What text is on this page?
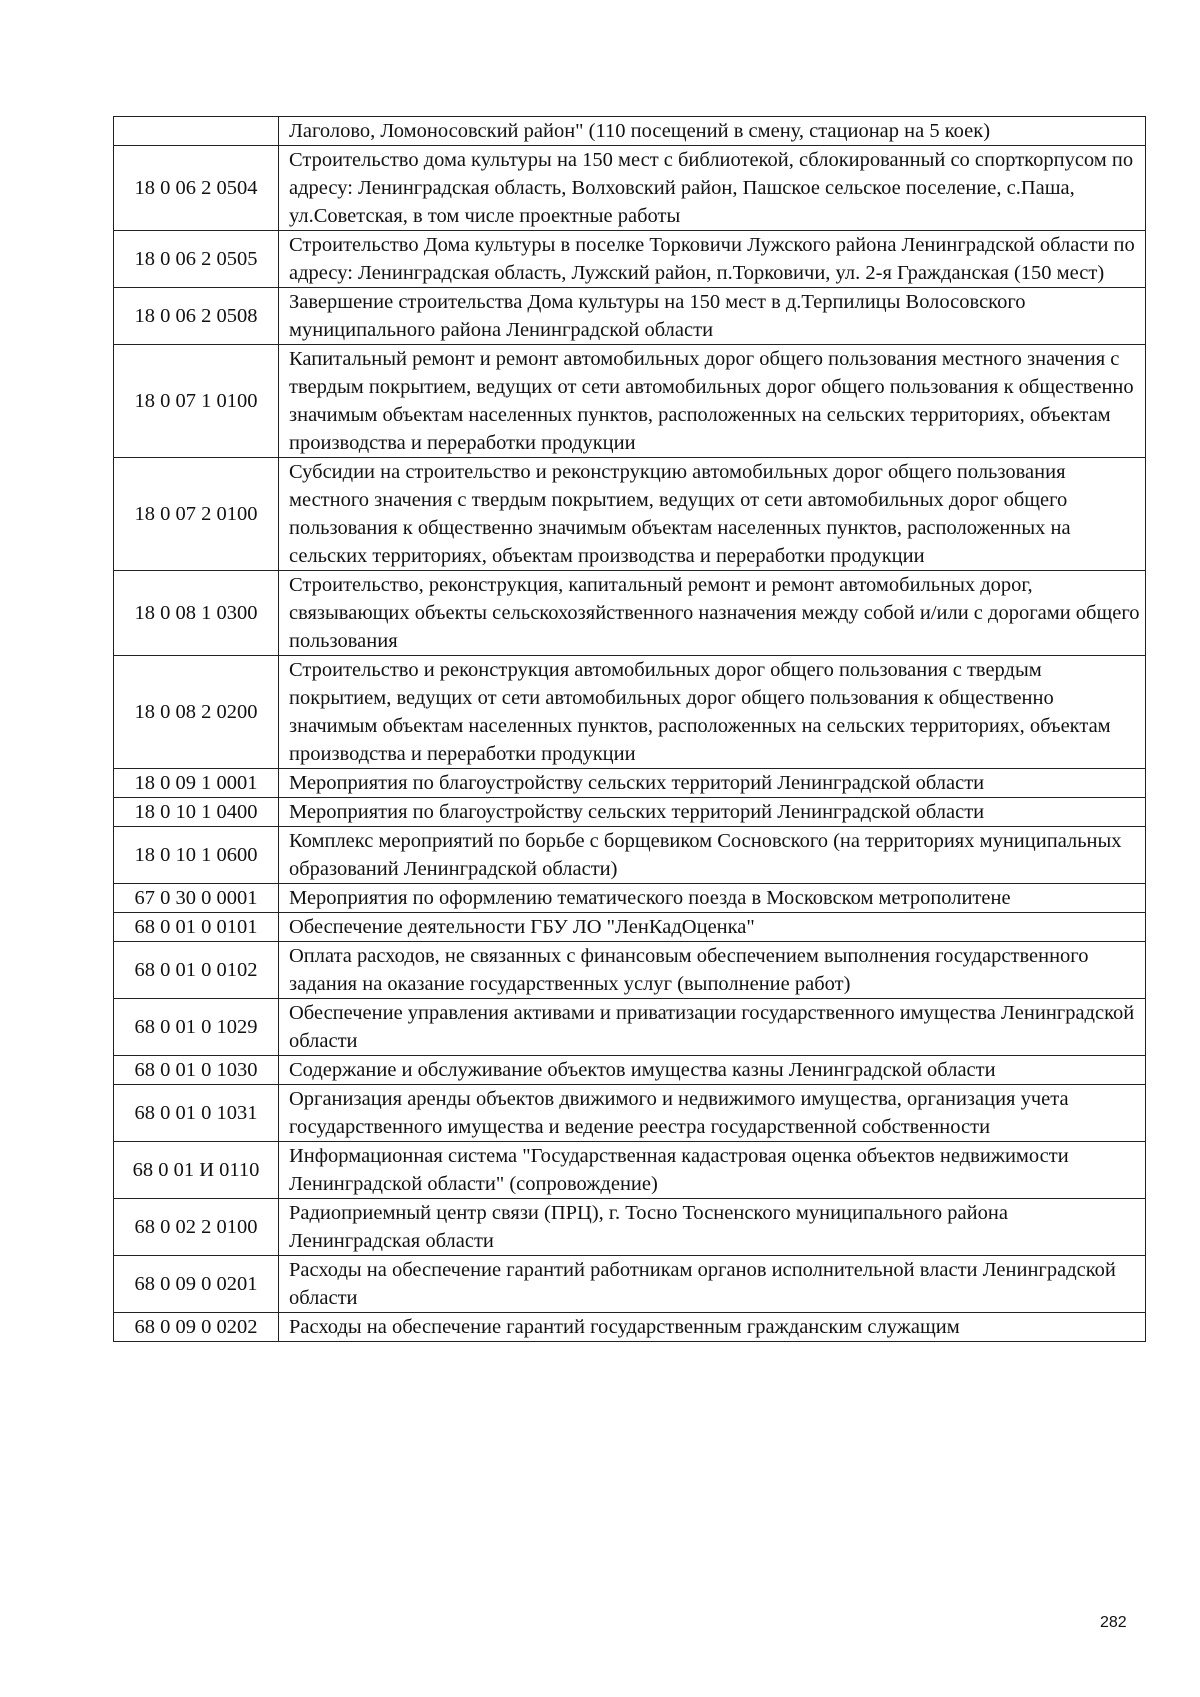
	Лаголово, Ломоносовский район" (110 посещений в смену, стационар на 5 коек)
18 0 06 2 0504	Строительство дома культуры на 150 мест с библиотекой, сблокированный со спорткорпусом по адресу: Ленинградская область, Волховский район, Пашское сельское поселение, с.Паша, ул.Советская, в том числе проектные работы
18 0 06 2 0505	Строительство Дома культуры в поселке Торковичи Лужского района Ленинградской области по адресу: Ленинградская область, Лужский район, п.Торковичи, ул. 2-я Гражданская (150 мест)
18 0 06 2 0508	Завершение строительства Дома культуры на 150 мест в д.Терпилицы Волосовского муниципального района Ленинградской области
18 0 07 1 0100	Капитальный ремонт и ремонт автомобильных дорог общего пользования местного значения с твердым покрытием, ведущих от сети автомобильных дорог общего пользования к общественно значимым объектам населенных пунктов, расположенных на сельских территориях, объектам производства и переработки продукции
18 0 07 2 0100	Субсидии на строительство и реконструкцию автомобильных дорог общего пользования местного значения с твердым покрытием, ведущих от сети автомобильных дорог общего пользования к общественно значимым объектам населенных пунктов, расположенных на сельских территориях, объектам производства и переработки продукции
18 0 08 1 0300	Строительство, реконструкция, капитальный ремонт и ремонт автомобильных дорог, связывающих объекты сельскохозяйственного назначения между собой и/или с дорогами общего пользования
18 0 08 2 0200	Строительство и реконструкция автомобильных дорог общего пользования с твердым покрытием, ведущих от сети автомобильных дорог общего пользования к общественно значимым объектам населенных пунктов, расположенных на сельских территориях, объектам производства и переработки продукции
18 0 09 1 0001	Мероприятия по благоустройству сельских территорий Ленинградской области
18 0 10 1 0400	Мероприятия по благоустройству сельских территорий Ленинградской области
18 0 10 1 0600	Комплекс мероприятий по борьбе с борщевиком Сосновского (на территориях муниципальных образований Ленинградской области)
67 0 30 0 0001	Мероприятия по оформлению тематического поезда в Московском метрополитене
68 0 01 0 0101	Обеспечение деятельности ГБУ ЛО "ЛенКадОценка"
68 0 01 0 0102	Оплата расходов, не связанных с финансовым обеспечением выполнения государственного задания на оказание государственных услуг (выполнение работ)
68 0 01 0 1029	Обеспечение управления активами и приватизации государственного имущества Ленинградской области
68 0 01 0 1030	Содержание и обслуживание объектов имущества казны Ленинградской области
68 0 01 0 1031	Организация аренды объектов движимого и недвижимого имущества, организация учета государственного имущества и ведение реестра государственной собственности
68 0 01 И 0110	Информационная система "Государственная кадастровая оценка объектов недвижимости Ленинградской области" (сопровождение)
68 0 02 2 0100	Радиоприемный центр связи (ПРЦ), г. Тосно Тосненского муниципального района Ленинградская области
68 0 09 0 0201	Расходы на обеспечение гарантий работникам органов исполнительной власти Ленинградской области
68 0 09 0 0202	Расходы на обеспечение гарантий государственным гражданским служащим
282
